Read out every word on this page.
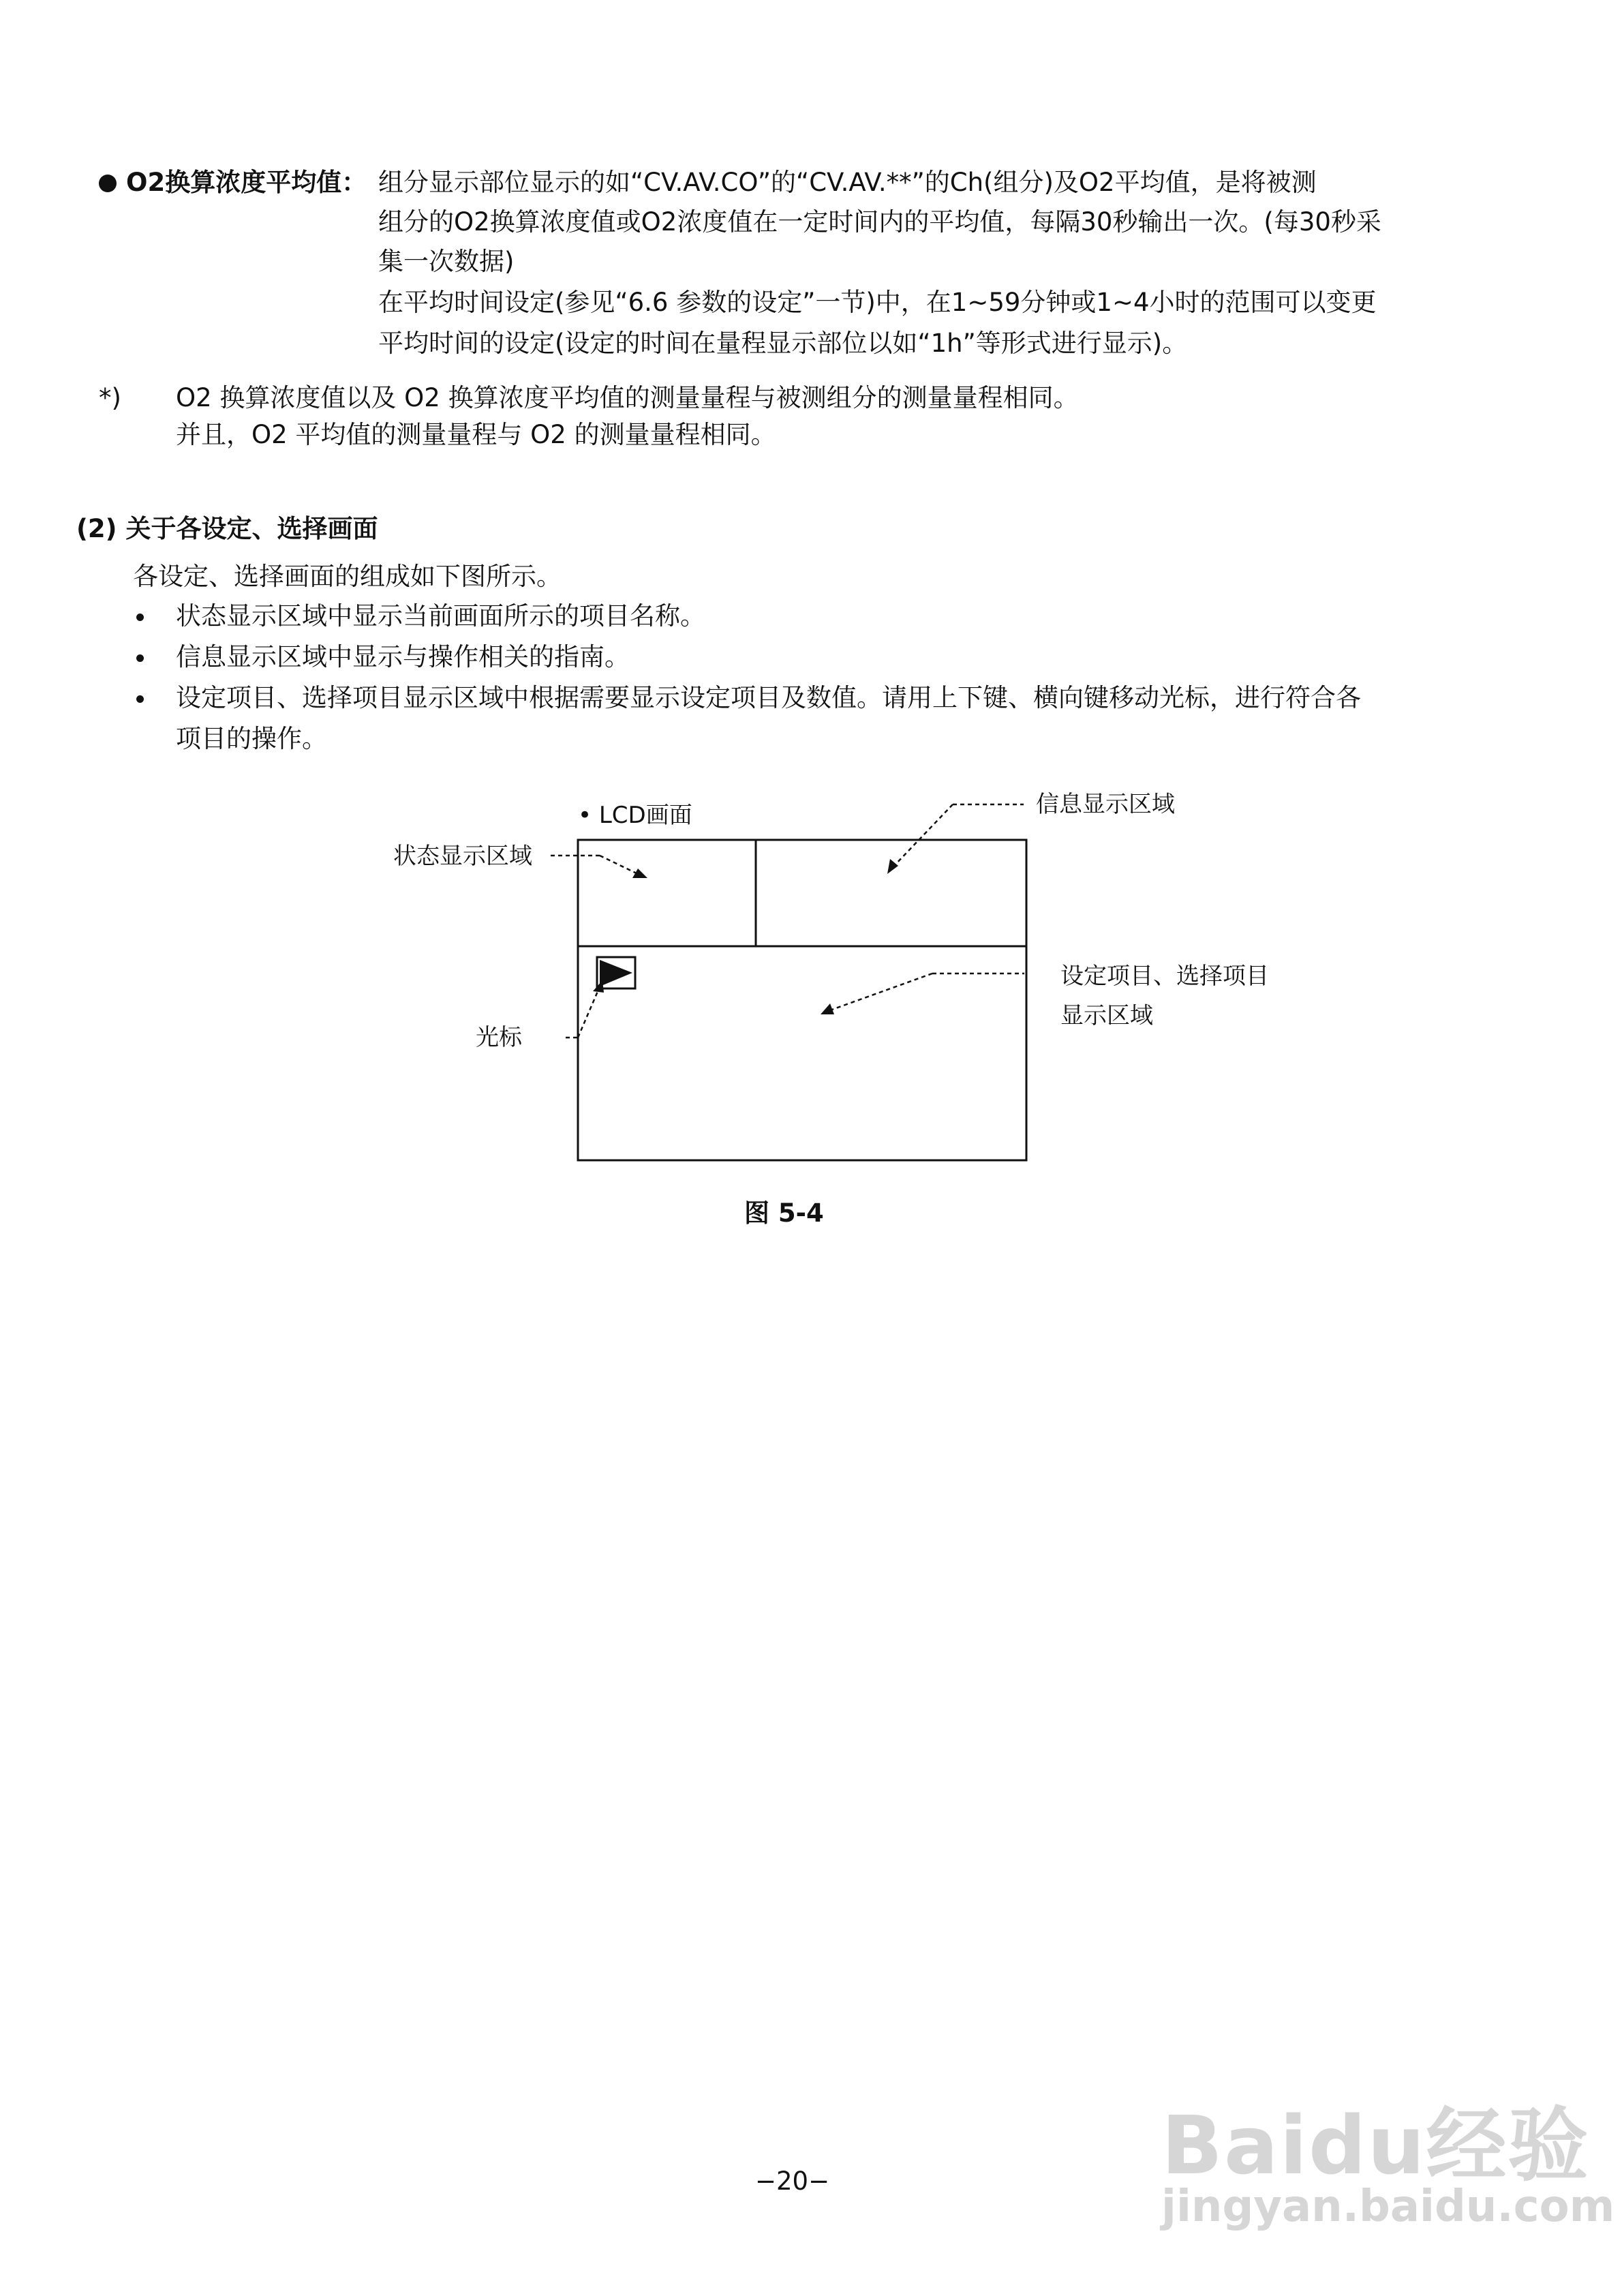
O2换算浓度平均值： 组分显示部位显示的如“CV.AV.CO”的“CV.AV.**”的Ch(组分)及O2平均值，是将被测
组分的O2换算浓度值或O2浓度值在一定时间内的平均值，每隔30秒输出一次。(每30秒采
集一次数据)
在平均时间设定(参见“6.6 参数的设定”一节)中，在1~59分钟或1~4小时的范围可以变更
平均时间的设定(设定的时间在量程显示部位以如“1h”等形式进行显示)。
*) O2 换算浓度值以及 O2 换算浓度平均值的测量量程与被测组分的测量量程相同。
并且，O2 平均值的测量量程与 O2 的测量量程相同。
(2) 关于各设定、选择画面
各设定、选择画面的组成如下图所示。
状态显示区域中显示当前画面所示的项目名称。
信息显示区域中显示与操作相关的指南。
设定项目、选择项目显示区域中根据需要显示设定项目及数值。请用上下键、横向键移动光标，进行符合各
项目的操作。
• LCD画面
状态显示区域
信息显示区域
设定项目、选择项目
显示区域
光标
图 5-4
−20−	Baidu经验
jingyan.baidu.com
